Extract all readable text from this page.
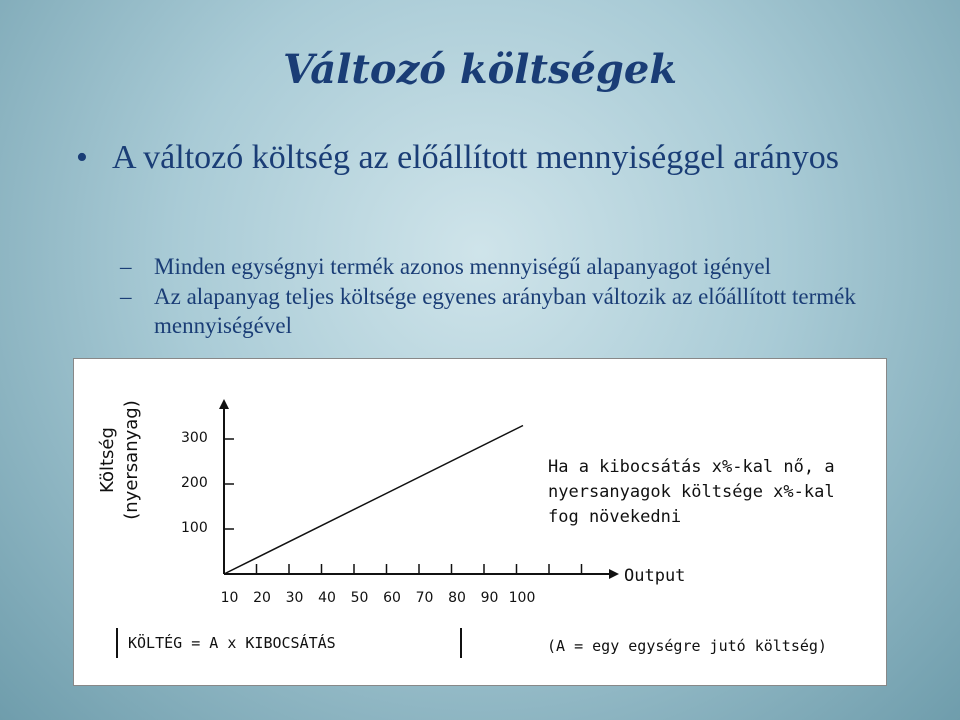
Változó költségek
• A változó költség az előállított mennyiséggel arányos
– Minden egységnyi termék azonos mennyiségű alapanyagot igényel
– Az alapanyag teljes költsége egyenes arányban változik az előállított termék mennyiségével
Költség (nyersanyag)
100
200
300
10 20 30 40 50 60 70 80 90 100
Ha a kibocsátás x%-kal nő, a nyersanyagok költsége x%-kal fog növekedni
Output
KÖLTÉG = A x KIBOCSÁTÁS	(A = egy egységre jutó költség)
